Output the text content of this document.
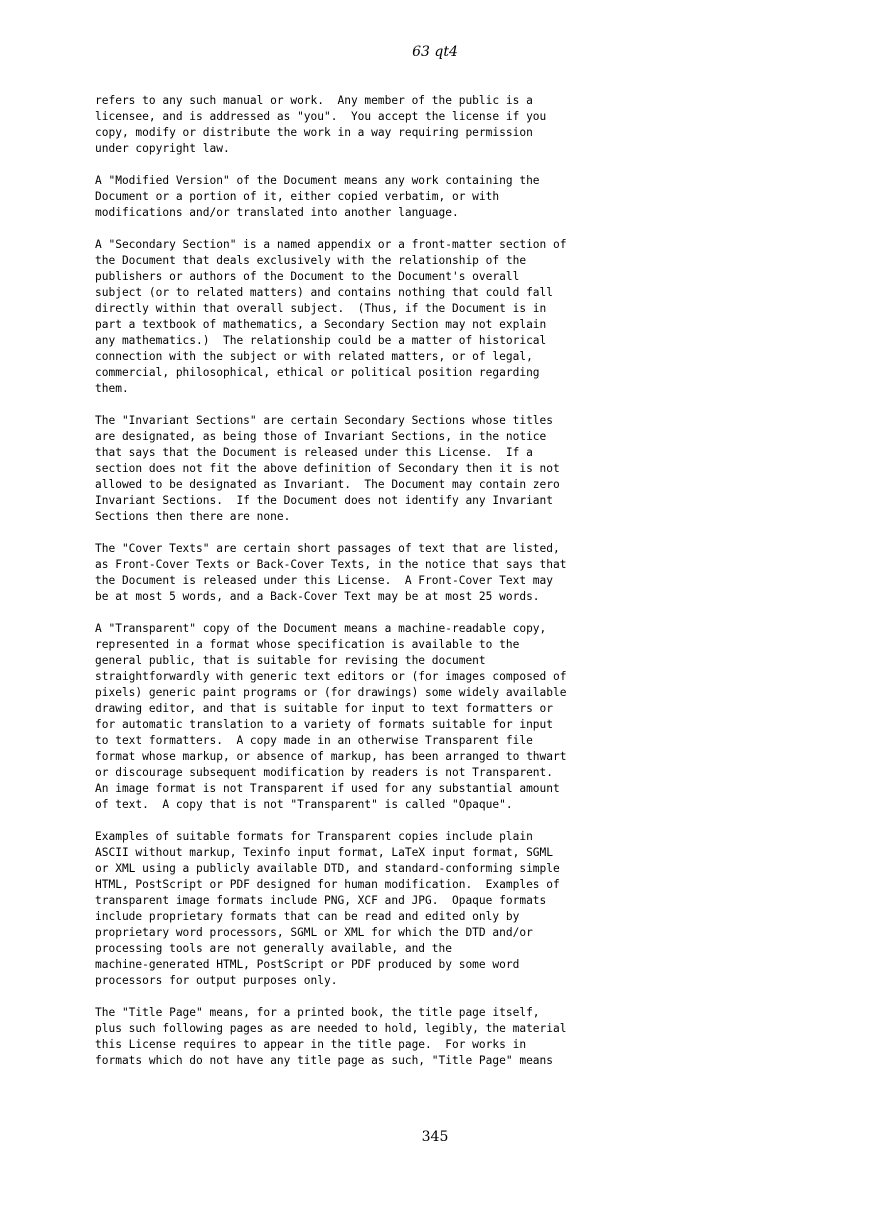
63 qt4
refers to any such manual or work.  Any member of the public is a
licensee, and is addressed as "you".  You accept the license if you
copy, modify or distribute the work in a way requiring permission
under copyright law.
A "Modified Version" of the Document means any work containing the
Document or a portion of it, either copied verbatim, or with
modifications and/or translated into another language.
A "Secondary Section" is a named appendix or a front-matter section of
the Document that deals exclusively with the relationship of the
publishers or authors of the Document to the Document's overall
subject (or to related matters) and contains nothing that could fall
directly within that overall subject.  (Thus, if the Document is in
part a textbook of mathematics, a Secondary Section may not explain
any mathematics.)  The relationship could be a matter of historical
connection with the subject or with related matters, or of legal,
commercial, philosophical, ethical or political position regarding
them.
The "Invariant Sections" are certain Secondary Sections whose titles
are designated, as being those of Invariant Sections, in the notice
that says that the Document is released under this License.  If a
section does not fit the above definition of Secondary then it is not
allowed to be designated as Invariant.  The Document may contain zero
Invariant Sections.  If the Document does not identify any Invariant
Sections then there are none.
The "Cover Texts" are certain short passages of text that are listed,
as Front-Cover Texts or Back-Cover Texts, in the notice that says that
the Document is released under this License.  A Front-Cover Text may
be at most 5 words, and a Back-Cover Text may be at most 25 words.
A "Transparent" copy of the Document means a machine-readable copy,
represented in a format whose specification is available to the
general public, that is suitable for revising the document
straightforwardly with generic text editors or (for images composed of
pixels) generic paint programs or (for drawings) some widely available
drawing editor, and that is suitable for input to text formatters or
for automatic translation to a variety of formats suitable for input
to text formatters.  A copy made in an otherwise Transparent file
format whose markup, or absence of markup, has been arranged to thwart
or discourage subsequent modification by readers is not Transparent.
An image format is not Transparent if used for any substantial amount
of text.  A copy that is not "Transparent" is called "Opaque".
Examples of suitable formats for Transparent copies include plain
ASCII without markup, Texinfo input format, LaTeX input format, SGML
or XML using a publicly available DTD, and standard-conforming simple
HTML, PostScript or PDF designed for human modification.  Examples of
transparent image formats include PNG, XCF and JPG.  Opaque formats
include proprietary formats that can be read and edited only by
proprietary word processors, SGML or XML for which the DTD and/or
processing tools are not generally available, and the
machine-generated HTML, PostScript or PDF produced by some word
processors for output purposes only.
The "Title Page" means, for a printed book, the title page itself,
plus such following pages as are needed to hold, legibly, the material
this License requires to appear in the title page.  For works in
formats which do not have any title page as such, "Title Page" means
345
